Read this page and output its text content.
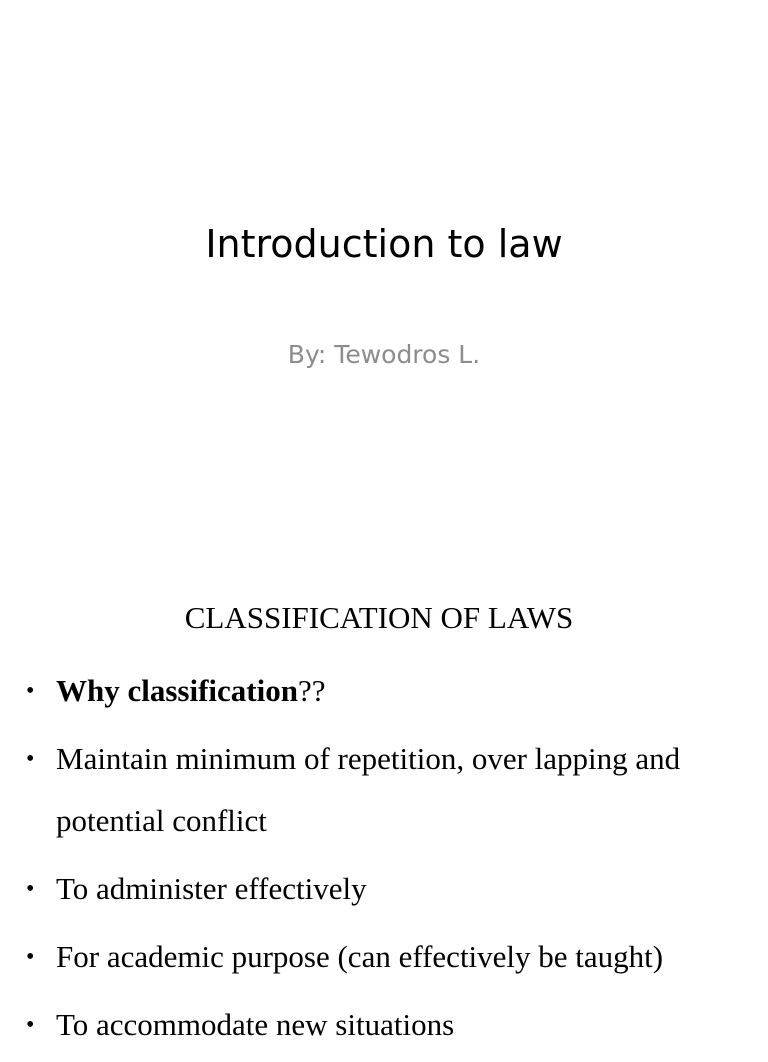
Introduction to law
By: Tewodros L.
CLASSIFICATION OF LAWS
• Why classification??
• Maintain minimum of repetition, over lapping and potential conflict
• To administer effectively
• For academic purpose (can effectively be taught)
• To accommodate new situations
